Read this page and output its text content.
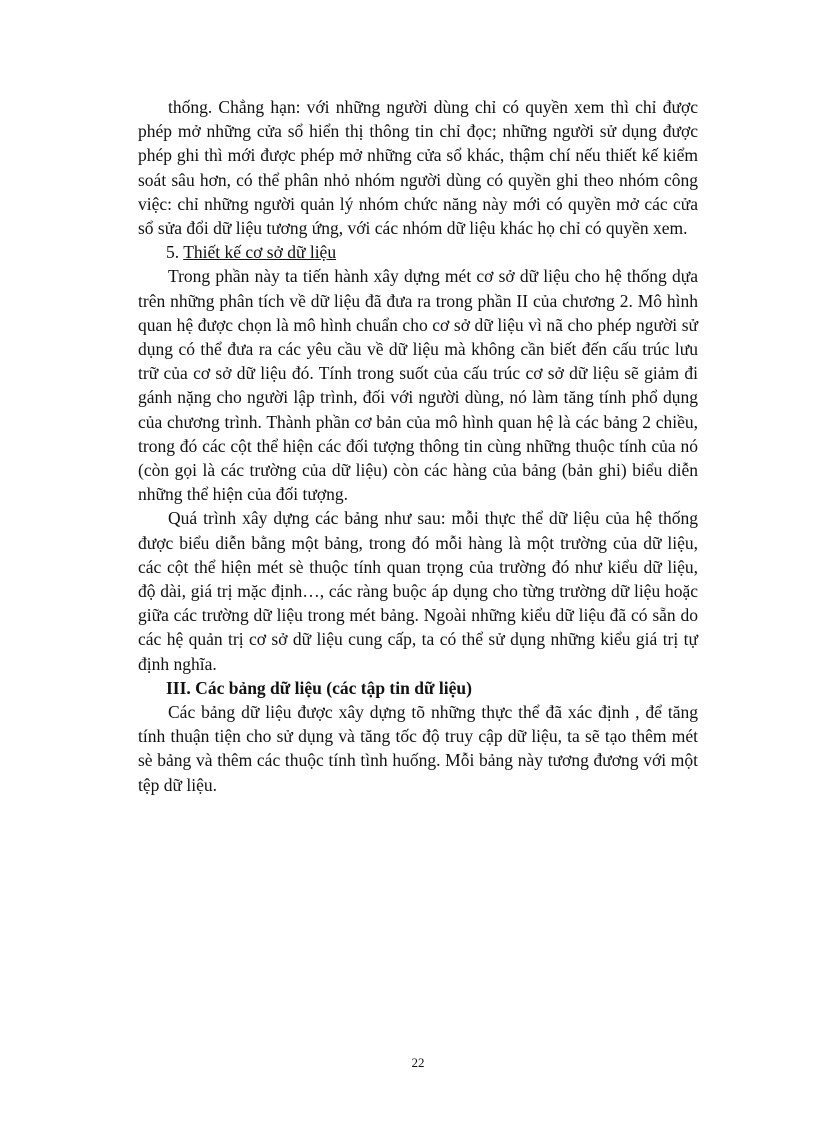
thống. Chẳng hạn: với những người dùng chỉ có quyền xem thì chỉ được phép mở những cửa sổ hiển thị thông tin chỉ đọc; những người sử dụng được phép ghi thì mới được phép mở những cửa sổ khác, thậm chí nếu thiết kế kiểm soát sâu hơn, có thể phân nhỏ nhóm người dùng có quyền ghi theo nhóm công việc: chỉ những người quản lý nhóm chức năng này mới có quyền mở các cửa sổ sửa đổi dữ liệu tương ứng, với các nhóm dữ liệu khác họ chỉ có quyền xem.

5. Thiết kế cơ sở dữ liệu

Trong phần này ta tiến hành xây dựng mét cơ sở dữ liệu cho hệ thống dựa trên những phân tích về dữ liệu đã đưa ra trong phần II của chương 2. Mô hình quan hệ được chọn là mô hình chuẩn cho cơ sở dữ liệu vì nã cho phép người sử dụng có thể đưa ra các yêu cầu về dữ liệu mà không cần biết đến cấu trúc lưu trữ của cơ sở dữ liệu đó. Tính trong suốt của cấu trúc cơ sở dữ liệu sẽ giảm đi gánh nặng cho người lập trình, đối với người dùng, nó làm tăng tính phổ dụng của chương trình. Thành phần cơ bản của mô hình quan hệ là các bảng 2 chiều, trong đó các cột thể hiện các đối tượng thông tin cùng những thuộc tính của nó (còn gọi là các trường của dữ liệu) còn các hàng của bảng (bản ghi) biểu diễn những thể hiện của đối tượng.

Quá trình xây dựng các bảng như sau: mỗi thực thể dữ liệu của hệ thống được biểu diễn bằng một bảng, trong đó mỗi hàng là một trường của dữ liệu, các cột thể hiện mét sè thuộc tính quan trọng của trường đó như kiểu dữ liệu, độ dài, giá trị mặc định…, các ràng buộc áp dụng cho từng trường dữ liệu hoặc giữa các trường dữ liệu trong mét bảng. Ngoài những kiểu dữ liệu đã có sẵn do các hệ quản trị cơ sở dữ liệu cung cấp, ta có thể sử dụng những kiểu giá trị tự định nghĩa.

III. Các bảng dữ liệu (các tập tin dữ liệu)

Các bảng dữ liệu được xây dựng tõ những thực thể đã xác định , để tăng tính thuận tiện cho sử dụng và tăng tốc độ truy cập dữ liệu, ta sẽ tạo thêm mét sè bảng và thêm các thuộc tính tình huống. Mỗi bảng này tương đương với một tệp dữ liệu.

22
